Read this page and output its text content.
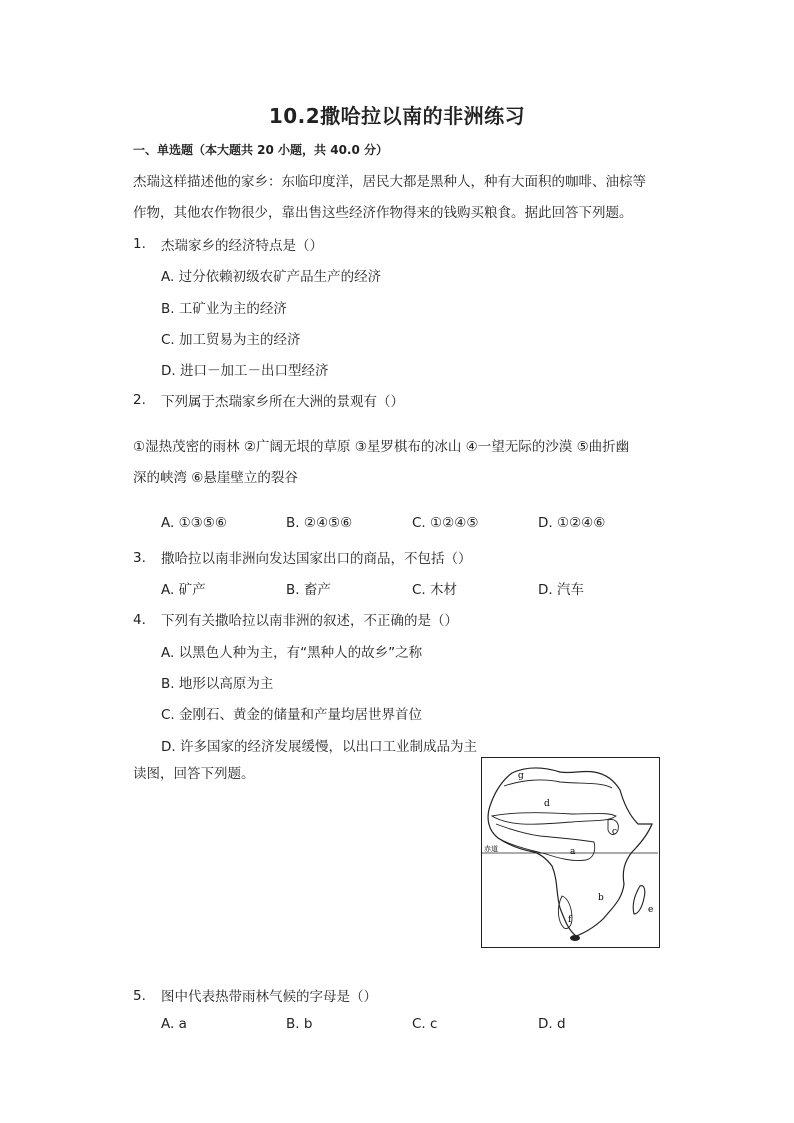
10.2撒哈拉以南的非洲练习
一、单选题（本大题共 20 小题，共 40.0 分）
杰瑞这样描述他的家乡：东临印度洋，居民大都是黑种人，种有大面积的咖啡、油棕等
作物，其他农作物很少，靠出售这些经济作物得来的钱购买粮食。据此回答下列题。
1. 杰瑞家乡的经济特点是（）
A. 过分依赖初级农矿产品生产的经济
B. 工矿业为主的经济
C. 加工贸易为主的经济
D. 进口－加工－出口型经济
2. 下列属于杰瑞家乡所在大洲的景观有（）
①湿热茂密的雨林 ②广阔无垠的草原 ③星罗棋布的冰山 ④一望无际的沙漠 ⑤曲折幽
深的峡湾 ⑥悬崖壁立的裂谷
A. ①③⑤⑥	B. ②④⑤⑥	C. ①②④⑤	D. ①②④⑥
3. 撒哈拉以南非洲向发达国家出口的商品，不包括（）
A. 矿产	B. 畜产	C. 木材	D. 汽车
4. 下列有关撒哈拉以南非洲的叙述，不正确的是（）
A. 以黑色人种为主，有“黑种人的故乡”之称
B. 地形以高原为主
C. 金刚石、黄金的储量和产量均居世界首位
D. 许多国家的经济发展缓慢，以出口工业制成品为主
读图，回答下列题。	g
d
c
a
b
e
f
赤道
5. 图中代表热带雨林气候的字母是（）
A. a	B. b	C. c	D. d
